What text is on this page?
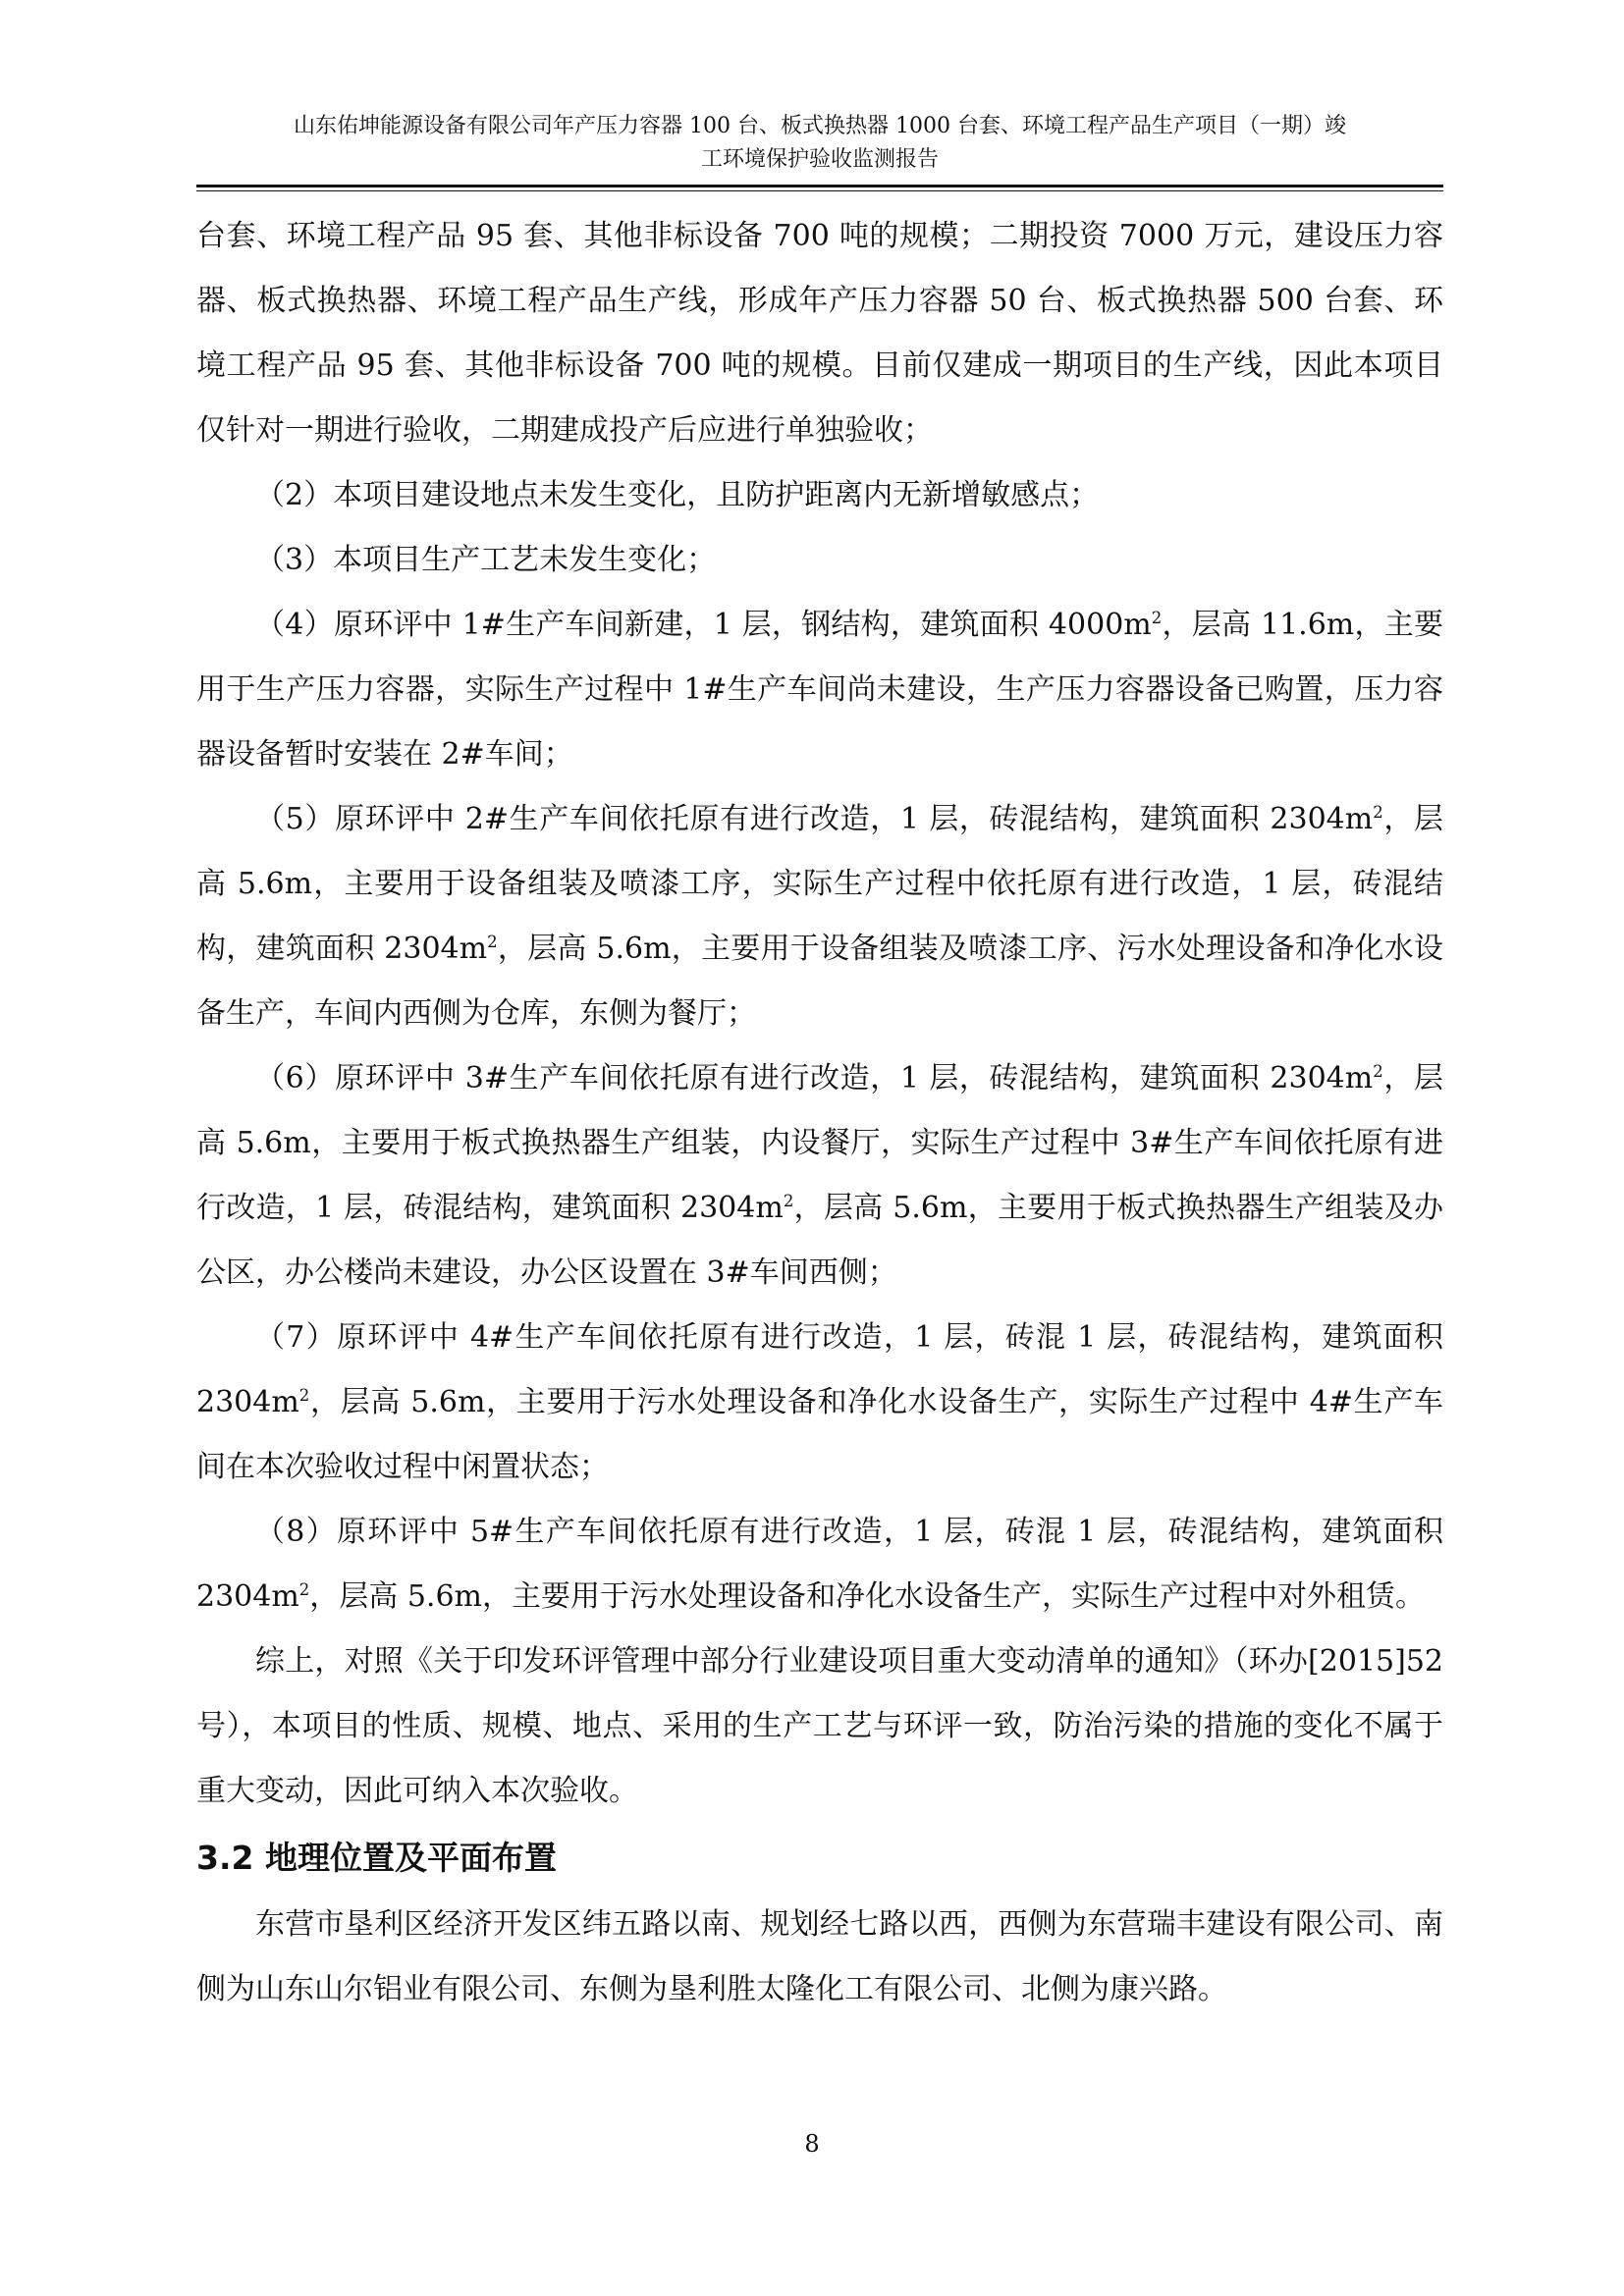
山东佑坤能源设备有限公司年产压力容器 100 台、板式换热器 1000 台套、环境工程产品生产项目（一期）竣
工环境保护验收监测报告

台套、环境工程产品 95 套、其他非标设备 700 吨的规模；二期投资 7000 万元，建设压力容器、板式换热器、环境工程产品生产线，形成年产压力容器 50 台、板式换热器 500 台套、环境工程产品 95 套、其他非标设备 700 吨的规模。目前仅建成一期项目的生产线，因此本项目仅针对一期进行验收，二期建成投产后应进行单独验收；

（2）本项目建设地点未发生变化，且防护距离内无新增敏感点；

（3）本项目生产工艺未发生变化；

（4）原环评中 1#生产车间新建，1 层，钢结构，建筑面积 $4000m^2$，层高 11.6m，主要用于生产压力容器，实际生产过程中 1#生产车间尚未建设，生产压力容器设备已购置，压力容器设备暂时安装在 2#车间；

（5）原环评中 2#生产车间依托原有进行改造，1 层，砖混结构，建筑面积 $2304m^2$，层高 5.6m，主要用于设备组装及喷漆工序，实际生产过程中依托原有进行改造，1 层，砖混结构，建筑面积 $2304m^2$，层高 5.6m，主要用于设备组装及喷漆工序、污水处理设备和净化水设备生产，车间内西侧为仓库，东侧为餐厅；

（6）原环评中 3#生产车间依托原有进行改造，1 层，砖混结构，建筑面积 $2304m^2$，层高 5.6m，主要用于板式换热器生产组装，内设餐厅，实际生产过程中 3#生产车间依托原有进行改造，1 层，砖混结构，建筑面积 $2304m^2$，层高 5.6m，主要用于板式换热器生产组装及办公区，办公楼尚未建设，办公区设置在 3#车间西侧；

（7）原环评中 4#生产车间依托原有进行改造，1 层，砖混 1 层，砖混结构，建筑面积 $2304m^2$，层高 5.6m，主要用于污水处理设备和净化水设备生产，实际生产过程中 4#生产车间在本次验收过程中闲置状态；

（8）原环评中 5#生产车间依托原有进行改造，1 层，砖混 1 层，砖混结构，建筑面积 $2304m^2$，层高 5.6m，主要用于污水处理设备和净化水设备生产，实际生产过程中对外租赁。

综上，对照《关于印发环评管理中部分行业建设项目重大变动清单的通知》（环办[2015]52 号），本项目的性质、规模、地点、采用的生产工艺与环评一致，防治污染的措施的变化不属于重大变动，因此可纳入本次验收。

3.2 地理位置及平面布置

东营市垦利区经济开发区纬五路以南、规划经七路以西，西侧为东营瑞丰建设有限公司、南侧为山东山尔铝业有限公司、东侧为垦利胜太隆化工有限公司、北侧为康兴路。

8
